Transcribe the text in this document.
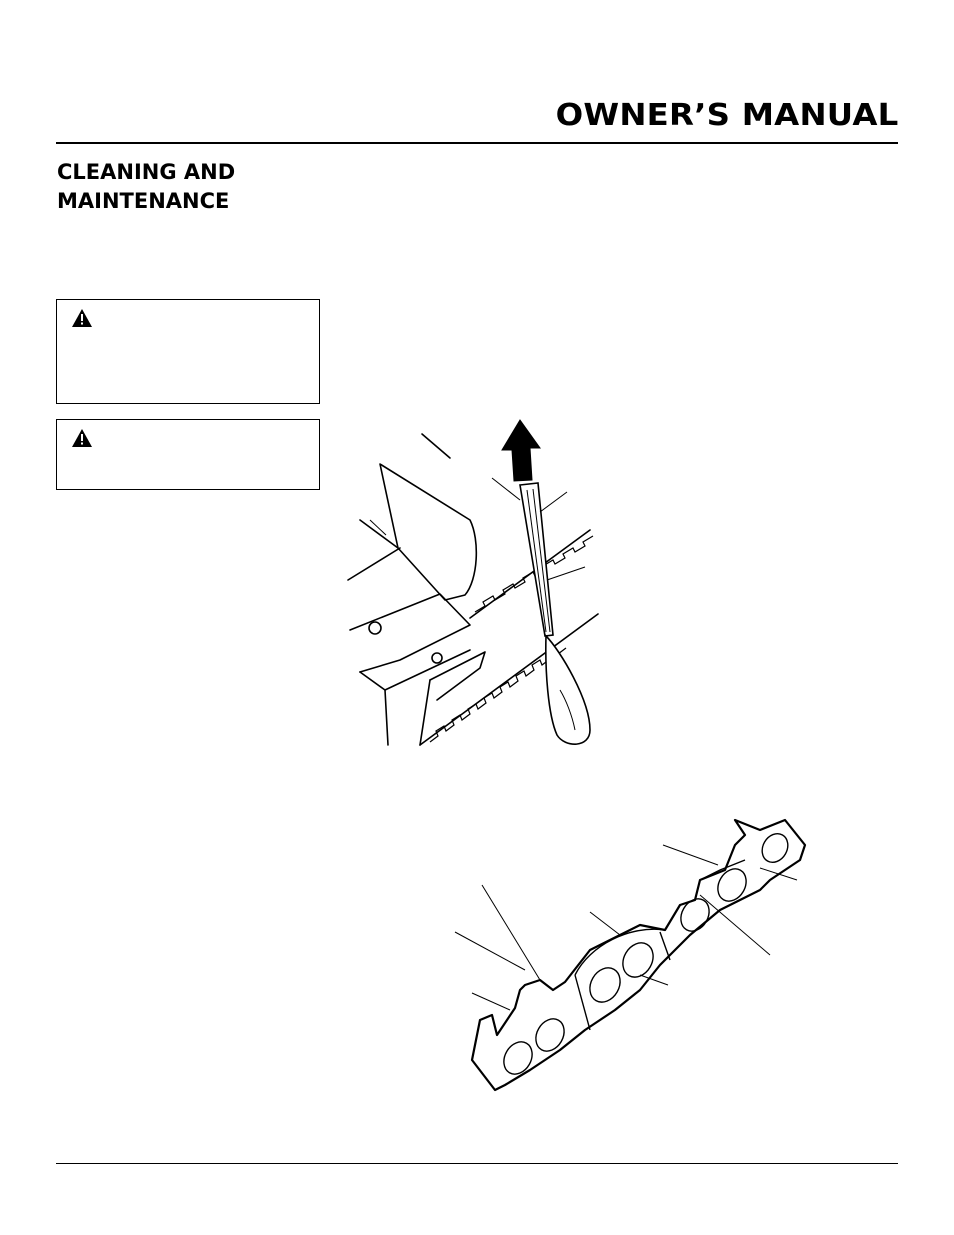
OWNER’S MANUAL
CLEANING AND
MAINTENANCE
